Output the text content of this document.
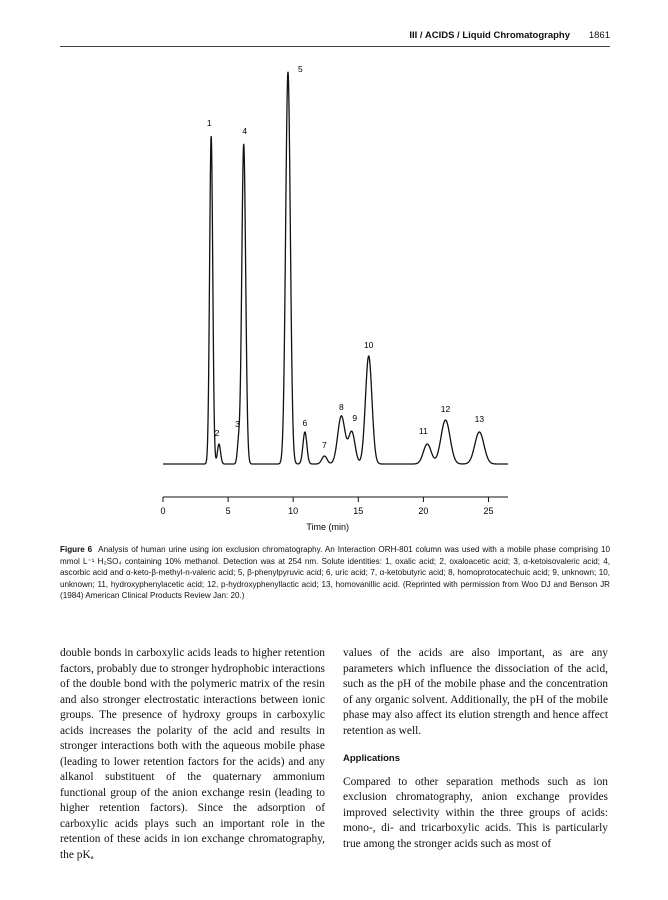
III / ACIDS / Liquid Chromatography 1861
0	5	10	15	20	25
1
2
3
4
5
6
7
8
9
10
11
12
13
Time (min)
Figure 6 Analysis of human urine using ion exclusion chromatography. An Interaction ORH-801 column was used with a mobile phase comprising 10 mmol L⁻¹ H₂SO₄ containing 10% methanol. Detection was at 254 nm. Solute identities: 1, oxalic acid; 2, oxaloacetic acid; 3, α-ketoisovaleric acid; 4, ascorbic acid and α-keto-β-methyl-n-valeric acid; 5, β-phenylpyruvic acid; 6, uric acid; 7, α-ketobutyric acid; 8, homoprotocatechuic acid; 9, unknown; 10, unknown; 11, hydroxyphenylacetic acid; 12, p-hydroxyphenyllactic acid; 13, homovanillic acid. (Reprinted with permission from Woo DJ and Benson JR (1984) American Clinical Products Review Jan: 20.)

double bonds in carboxylic acids leads to higher retention factors, probably due to stronger hydrophobic interactions of the double bond with the polymeric matrix of the resin and also stronger electrostatic interactions between ionic groups. The presence of hydroxy groups in carboxylic acids increases the polarity of the acid and results in stronger interactions both with the aqueous mobile phase (leading to lower retention factors for the acids) and any alkanol substituent of the quaternary ammonium functional group of the anion exchange resin (leading to higher retention factors). Since the adsorption of carboxylic acids plays such an important role in the retention of these acids in ion exchange chromatography, the pKₐ

values of the acids are also important, as are any parameters which influence the dissociation of the acid, such as the pH of the mobile phase and the concentration of any organic solvent. Additionally, the pH of the mobile phase may also affect its elution strength and hence affect retention as well.

Applications

Compared to other separation methods such as ion exclusion chromatography, anion exchange provides improved selectivity within the three groups of acids: mono-, di- and tricarboxylic acids. This is particularly true among the stronger acids such as most of
